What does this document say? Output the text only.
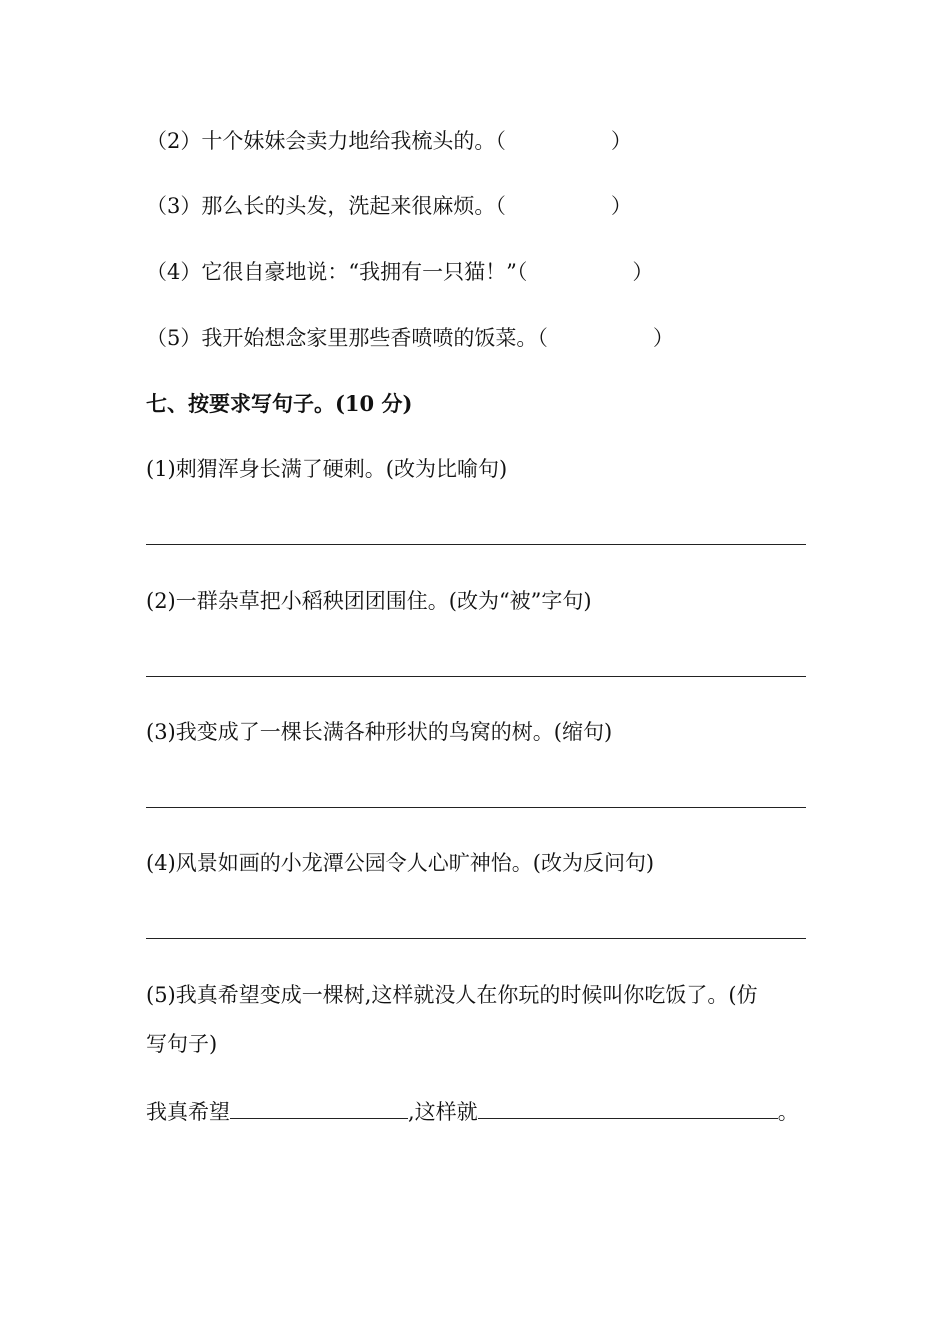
（2）十个妹妹会卖力地给我梳头的。（　　　　　）
（3）那么长的头发，洗起来很麻烦。（　　　　　）
（4）它很自豪地说：“我拥有一只猫！”（　　　　　）
（5）我开始想念家里那些香喷喷的饭菜。（　　　　　）
七、按要求写句子。(10 分)
(1)刺猬浑身长满了硬刺。(改为比喻句)
(2)一群杂草把小稻秧团团围住。(改为“被”字句)
(3)我变成了一棵长满各种形状的鸟窝的树。(缩句)
(4)风景如画的小龙潭公园令人心旷神怡。(改为反问句)
(5)我真希望变成一棵树,这样就没人在你玩的时候叫你吃饭了。(仿
写句子)
我真希望	,这样就	。
